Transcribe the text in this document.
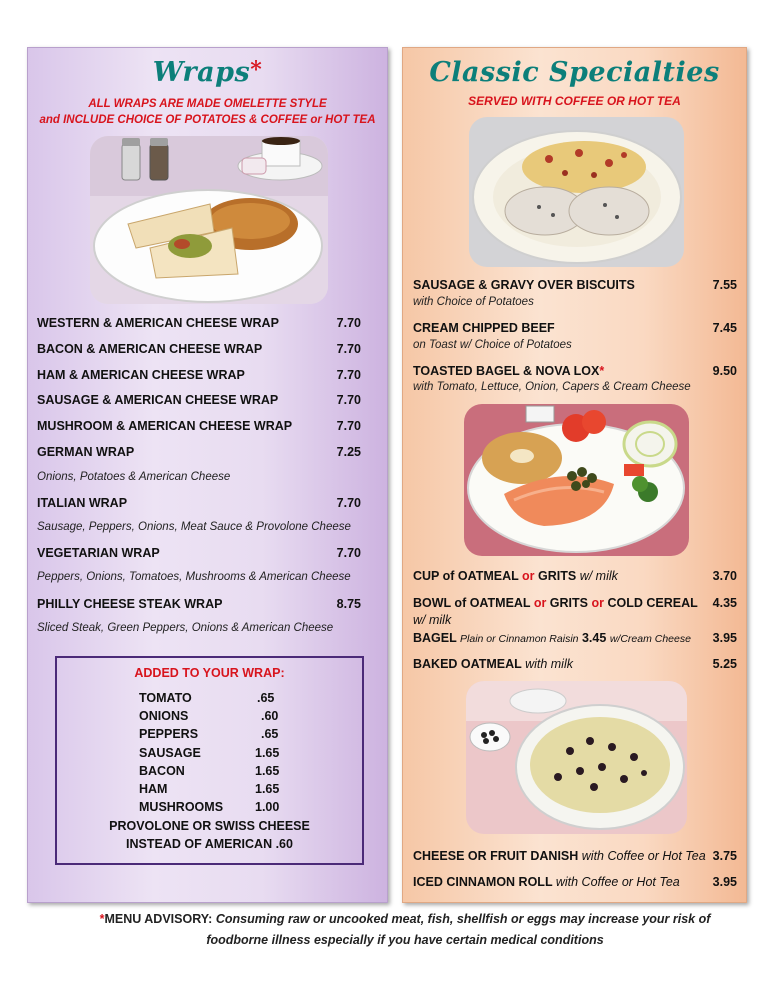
Wraps*
ALL WRAPS ARE MADE OMELETTE STYLE
and INCLUDE CHOICE OF POTATOES & COFFEE or HOT TEA
WESTERN & AMERICAN CHEESE WRAP	7.70
BACON & AMERICAN CHEESE WRAP	7.70
HAM & AMERICAN CHEESE WRAP	7.70
SAUSAGE & AMERICAN CHEESE WRAP	7.70
MUSHROOM & AMERICAN CHEESE WRAP	7.70
GERMAN WRAP	7.25
Onions, Potatoes & American Cheese
ITALIAN WRAP	7.70
Sausage, Peppers, Onions, Meat Sauce & Provolone Cheese
VEGETARIAN WRAP	7.70
Peppers, Onions, Tomatoes, Mushrooms & American Cheese
PHILLY CHEESE STEAK WRAP	8.75
Sliced Steak, Green Peppers, Onions & American Cheese
ADDED TO YOUR WRAP:
TOMATO	.65
ONIONS	.60
PEPPERS	.65
SAUSAGE	1.65
BACON	1.65
HAM	1.65
MUSHROOMS	1.00
PROVOLONE OR SWISS CHEESE
INSTEAD OF AMERICAN .60
Classic Specialties
SERVED WITH COFFEE OR HOT TEA
SAUSAGE & GRAVY OVER BISCUITS	7.55
with Choice of Potatoes
CREAM CHIPPED BEEF	7.45
on Toast w/ Choice of Potatoes
TOASTED BAGEL & NOVA LOX*	9.50
with Tomato, Lettuce, Onion, Capers & Cream Cheese
CUP of OATMEAL or GRITS w/ milk	3.70
BOWL of OATMEAL or GRITS or COLD CEREAL	4.35
w/ milk
BAGEL Plain or Cinnamon Raisin 3.45 w/Cream Cheese	3.95
BAKED OATMEAL with milk	5.25
CHEESE OR FRUIT DANISH with Coffee or Hot Tea 3.75
ICED CINNAMON ROLL with Coffee or Hot Tea	3.95
*MENU ADVISORY: Consuming raw or uncooked meat, fish, shellfish or eggs may increase your risk of
foodborne illness especially if you have certain medical conditions
